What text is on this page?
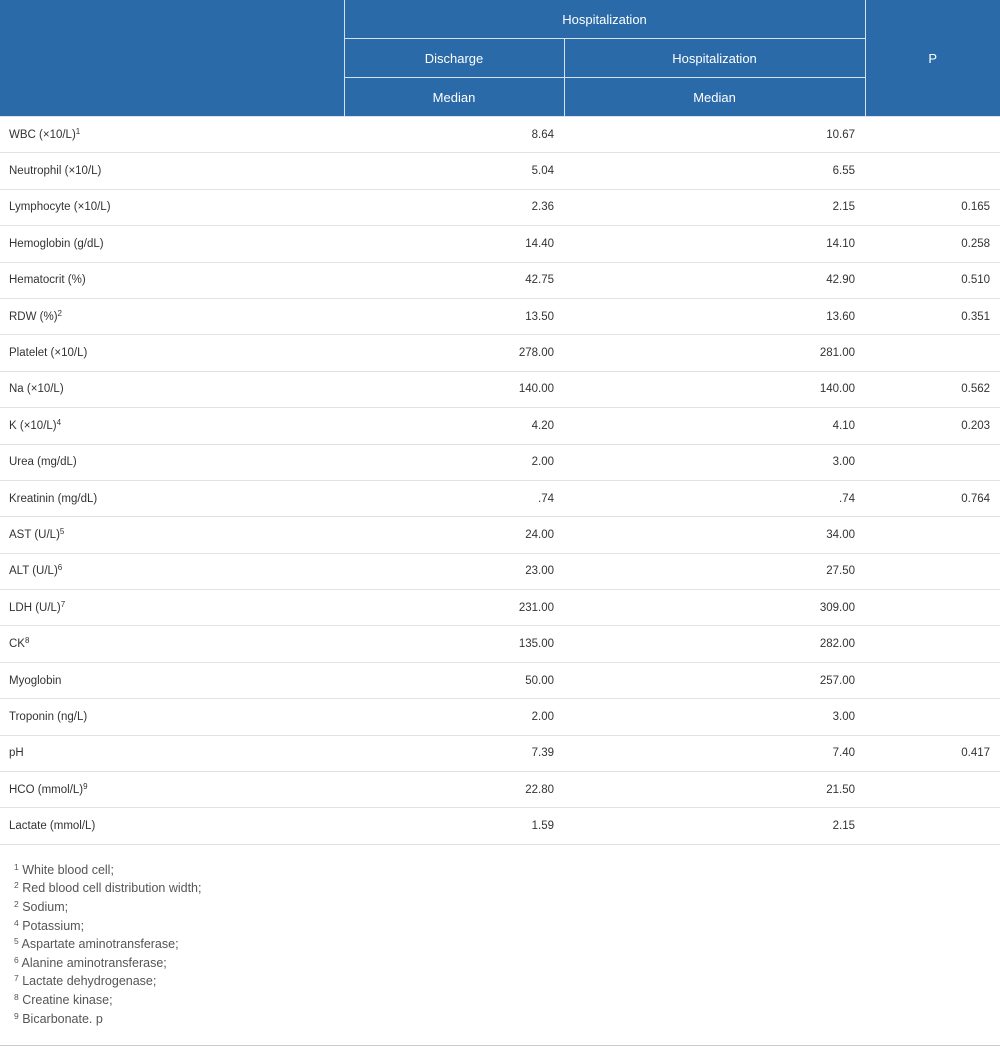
	Hospitalization		P
	Discharge	Hospitalization	
	Median	Median	
WBC $(\times 10/L)^1$	8.64	10.67	
Neutrophil (×10/L)	5.04	6.55	
Lymphocyte (×10/L)	2.36	2.15	0.165
Hemoglobin (g/dL)	14.40	14.10	0.258
Hematocrit (%)	42.75	42.90	0.510
RDW (%)$^2$	13.50	13.60	0.351
Platelet (×10/L)	278.00	281.00	
Na (×10/L)	140.00	140.00	0.562
K $(\times 10/L)^4$	4.20	4.10	0.203
Urea (mg/dL)	2.00	3.00	
Kreatinin (mg/dL)	.74	.74	0.764
AST $(U/L)^5$	24.00	34.00	
ALT $(U/L)^6$	23.00	27.50	
LDH $(U/L)^7$	231.00	309.00	
$CK^8$	135.00	282.00	
Myoglobin	50.00	257.00	
Troponin (ng/L)	2.00	3.00	
pH	7.39	7.40	0.417
HCO (mmol/L)$^9$	22.80	21.50	
Lactate (mmol/L)	1.59	2.15	
$^1$ White blood cell;
$^2$ Red blood cell distribution width;
$^2$ Sodium;
$^4$ Potassium;
$^5$ Aspartate aminotransferase;
$^6$ Alanine aminotransferase;
$^7$ Lactate dehydrogenase;
$^8$ Creatine kinase;
$^9$ Bicarbonate. p
